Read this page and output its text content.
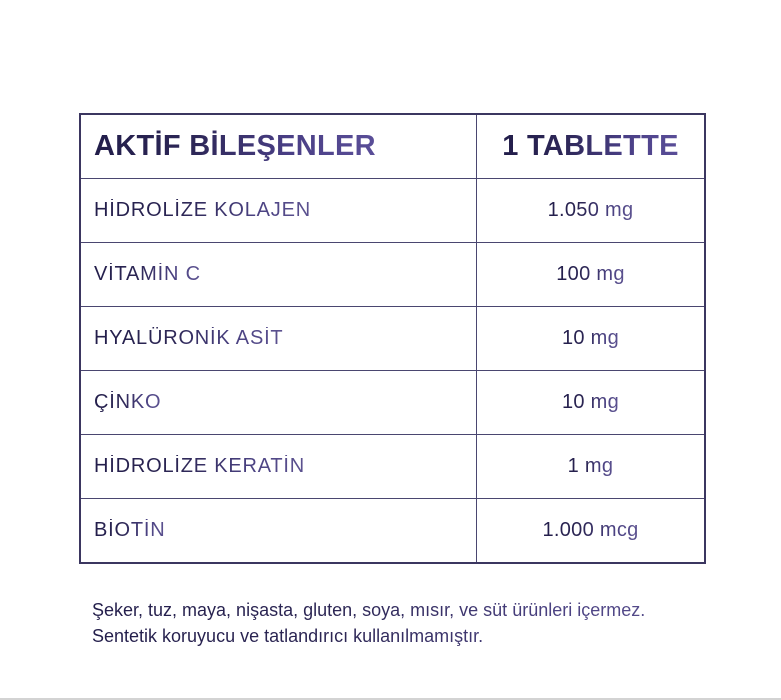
AKTİF BİLEŞENLER	1 TABLETTE
HİDROLİZE KOLAJEN	1.050 mg
VİTAMİN C	100 mg
HYALÜRONİK ASİT	10 mg
ÇİNKO	10 mg
HİDROLİZE KERATİN	1 mg
BİOTİN	1.000 mcg

Şeker, tuz, maya, nişasta, gluten, soya, mısır, ve süt ürünleri içermez.

Sentetik koruyucu ve tatlandırıcı kullanılmamıştır.
